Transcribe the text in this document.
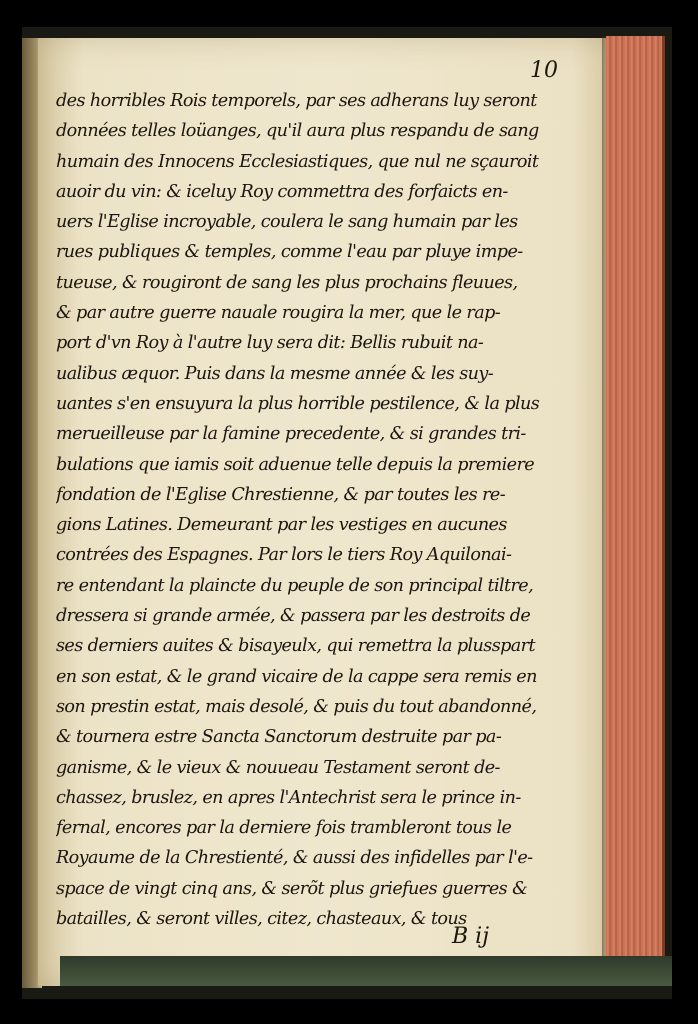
10
des horribles Rois temporels, par ses adherans luy seront
données telles loüanges, qu'il aura plus respandu de sang
humain des Innocens Ecclesiastiques, que nul ne sçauroit
auoir du vin: & iceluy Roy commettra des forfaicts en-
uers l'Eglise incroyable, coulera le sang humain par les
rues publiques & temples, comme l'eau par pluye impe-
tueuse, & rougiront de sang les plus prochains fleuues,
& par autre guerre nauale rougira la mer, que le rap-
port d'vn Roy à l'autre luy sera dit: Bellis rubuit na-
ualibus æquor. Puis dans la mesme année & les suy-
uantes s'en ensuyura la plus horrible pestilence, & la plus
merueilleuse par la famine precedente, & si grandes tri-
bulations que iamis soit aduenue telle depuis la premiere
fondation de l'Eglise Chrestienne, & par toutes les re-
gions Latines. Demeurant par les vestiges en aucunes
contrées des Espagnes. Par lors le tiers Roy Aquilonai-
re entendant la plaincte du peuple de son principal tiltre,
dressera si grande armée, & passera par les destroits de
ses derniers auites & bisayeulx, qui remettra la plusspart
en son estat, & le grand vicaire de la cappe sera remis en
son prestin estat, mais desolé, & puis du tout abandonné,
& tournera estre Sancta Sanctorum destruite par pa-
ganisme, & le vieux & nouueau Testament seront de-
chassez, bruslez, en apres l'Antechrist sera le prince in-
fernal, encores par la derniere fois trambleront tous le
Royaume de la Chrestienté, & aussi des infidelles par l'e-
space de vingt cinq ans, & serõt plus griefues guerres &
batailles, & seront villes, citez, chasteaux, & tous
B ij
